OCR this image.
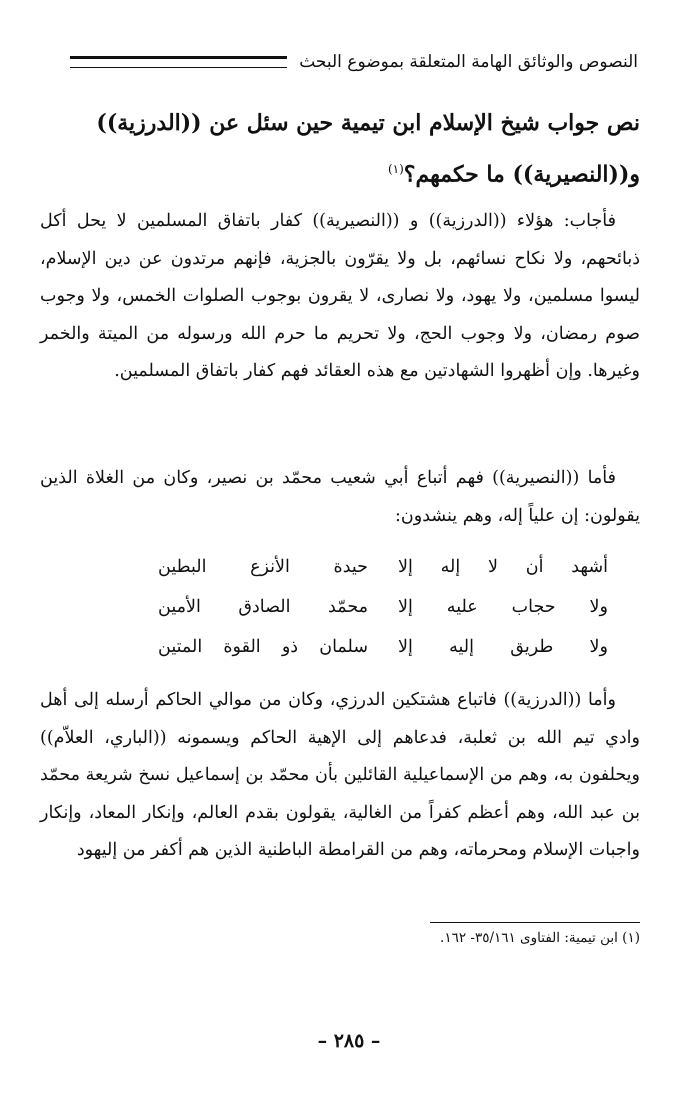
النصوص والوثائق الهامة المتعلقة بموضوع البحث
نص جواب شيخ الإسلام ابن تيمية حين سئل عن ((الدرزية)) و((النصيرية)) ما حكمهم؟$^{(١)}$
فأجاب: هؤلاء ((الدرزية)) و ((النصيرية)) كفار باتفاق المسلمين لا يحل أكل ذبائحهم، ولا نكاح نسائهم، بل ولا يقرّون بالجزية، فإنهم مرتدون عن دين الإسلام، ليسوا مسلمين، ولا يهود، ولا نصارى، لا يقرون بوجوب الصلوات الخمس، ولا وجوب صوم رمضان، ولا وجوب الحج، ولا تحريم ما حرم الله ورسوله من الميتة والخمر وغيرها. وإن أظهروا الشهادتين مع هذه العقائد فهم كفار باتفاق المسلمين.
فأما ((النصيرية)) فهم أتباع أبي شعيب محمّد بن نصير، وكان من الغلاة الذين يقولون: إن علياً إله، وهم ينشدون:
أشهد أن لا إله إلا
حيدة الأنزع البطين
ولا حجاب عليه إلا
محمّد الصادق الأمين
ولا طريق إليه إلا
سلمان ذو القوة المتين
وأما ((الدرزية)) فاتباع هشتكين الدرزي، وكان من موالي الحاكم أرسله إلى أهل وادي تيم الله بن ثعلبة، فدعاهم إلى الإهية الحاكم ويسمونه ((الباري، العلاّم)) ويحلفون به، وهم من الإسماعيلية القائلين بأن محمّد بن إسماعيل نسخ شريعة محمّد بن عبد الله، وهم أعظم كفراً من الغالية، يقولون بقدم العالم، وإنكار المعاد، وإنكار واجبات الإسلام ومحرماته، وهم من القرامطة الباطنية الذين هم أكفر من إليهود
(١) ابن تيمية: الفتاوى ٣٥/١٦١- ١٦٢.
– ٢٨٥ –
